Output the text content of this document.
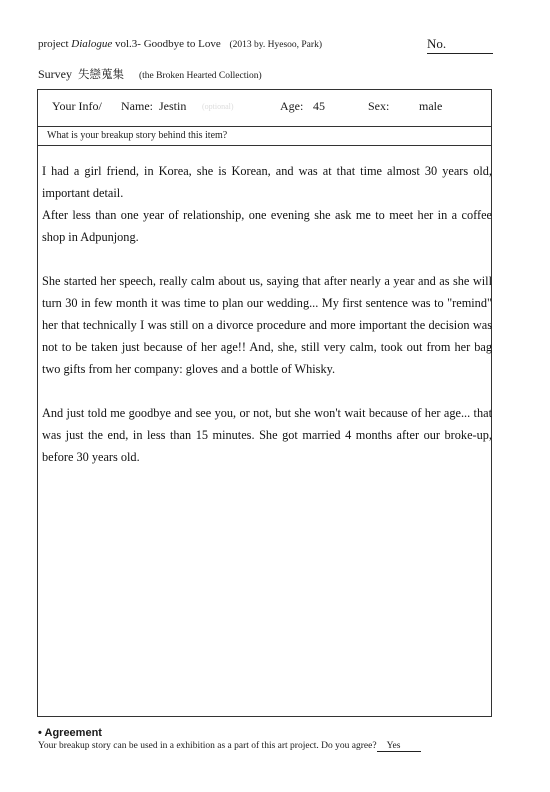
project Dialogue vol.3- Goodbye to Love (2013 by. Hyesoo, Park)	No.
Survey 失戀蒐集 (the Broken Hearted Collection)
Your Info/ Name: Jestin (optional)	Age: 45	Sex: male
What is your breakup story behind this item?

I had a girl friend, in Korea, she is Korean, and was at that time almost 30 years old, important detail.

After less than one year of relationship, one evening she ask me to meet her in a coffee shop in Adpunjong.

She started her speech, really calm about us, saying that after nearly a year and as she will turn 30 in few month it was time to plan our wedding... My first sentence was to "remind" her that technically I was still on a divorce procedure and more important the decision was not to be taken just because of her age!! And, she, still very calm, took out from her bag two gifts from her company: gloves and a bottle of Whisky.

And just told me goodbye and see you, or not, but she won't wait because of her age... that was just the end, in less than 15 minutes. She got married 4 months after our broke-up, before 30 years old.

• Agreement
Your breakup story can be used in a exhibition as a part of this art project. Do you agree? Yes
